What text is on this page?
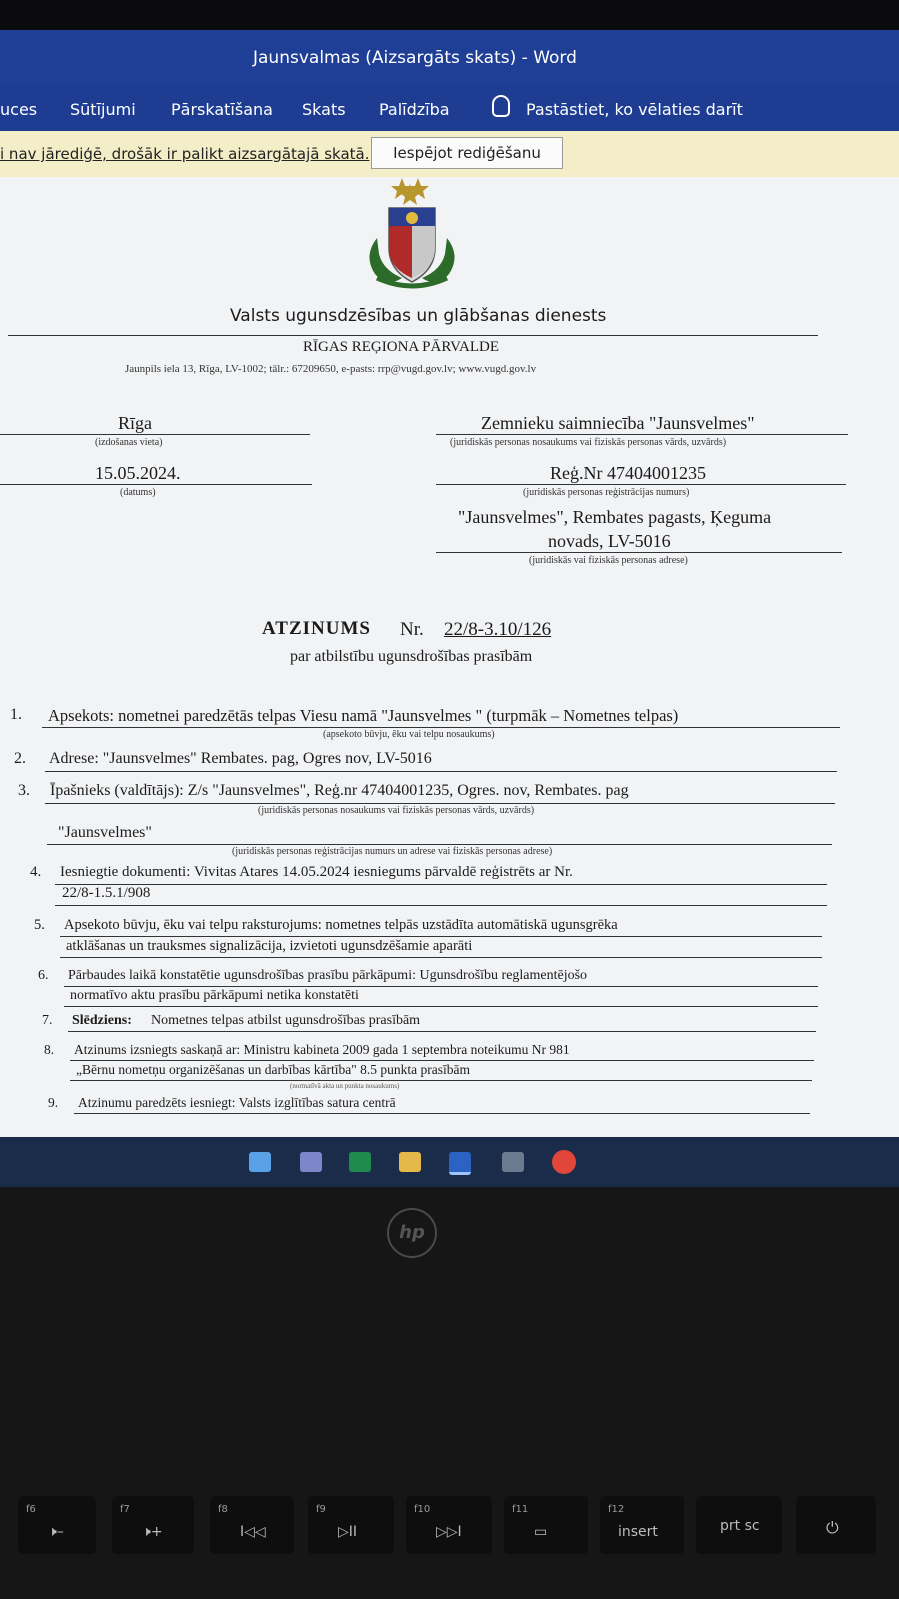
Jaunsvalmas (Aizsargāts skats) - Word
uces Sūtījumi Pārskatīšana Skats Palīdzība	Pastāstiet, ko vēlaties darīt
i nav jārediģē, drošāk ir palikt aizsargātajā skatā.	Iespējot rediģēšanu
Valsts ugunsdzēsības un glābšanas dienests
RĪGAS REĢIONA PĀRVALDE
Jaunpils iela 13, Rīga, LV-1002; tālr.: 67209650, e-pasts: rrp@vugd.gov.lv; www.vugd.gov.lv
Rīga
(izdošanas vieta)
15.05.2024.
(datums)
Zemnieku saimniecība "Jaunsvelmes"
(juridiskās personas nosaukums vai fiziskās personas vārds, uzvārds)
Reģ.Nr 47404001235
(juridiskās personas reģistrācijas numurs)
"Jaunsvelmes", Rembates pagasts, Ķeguma
novads, LV-5016
(juridiskās vai fiziskās personas adrese)
ATZINUMS Nr. 22/8-3.10/126
par atbilstību ugunsdrošības prasībām
1. Apsekots: nometnei paredzētās telpas Viesu namā "Jaunsvelmes " (turpmāk – Nometnes telpas)
(apsekoto būvju, ēku vai telpu nosaukums)
2. Adrese: "Jaunsvelmes" Rembates. pag, Ogres nov, LV-5016
3. Īpašnieks (valdītājs): Z/s "Jaunsvelmes", Reģ.nr 47404001235, Ogres. nov, Rembates. pag
(juridiskās personas nosaukums vai fiziskās personas vārds, uzvārds)
"Jaunsvelmes"
(juridiskās personas reģistrācijas numurs un adrese vai fiziskās personas adrese)
4. Iesniegtie dokumenti: Vivitas Atares 14.05.2024 iesniegums pārvaldē reģistrēts ar Nr.
22/8-1.5.1/908
5. Apsekoto būvju, ēku vai telpu raksturojums: nometnes telpās uzstādīta automātiskā ugunsgrēka
atklāšanas un trauksmes signalizācija, izvietoti ugunsdzēšamie aparāti
6. Pārbaudes laikā konstatētie ugunsdrošības prasību pārkāpumi: Ugunsdrošību reglamentējošo
normatīvo aktu prasību pārkāpumi netika konstatēti
7. Slēdziens: Nometnes telpas atbilst ugunsdrošības prasībām
8. Atzinums izsniegts saskaņā ar: Ministru kabineta 2009 gada 1 septembra noteikumu Nr 981
„Bērnu nometņu organizēšanas un darbības kārtība" 8.5 punkta prasībām
(normatīvā akta un punkta nosaukums)
9. Atzinumu paredzēts iesniegt: Valsts izglītības satura centrā
hp
f6
🕨–
f7
🕨+
f8
I◁◁
f9
▷II
f10
▷▷I
f11
▭
f12
insert	prt sc	⏻
